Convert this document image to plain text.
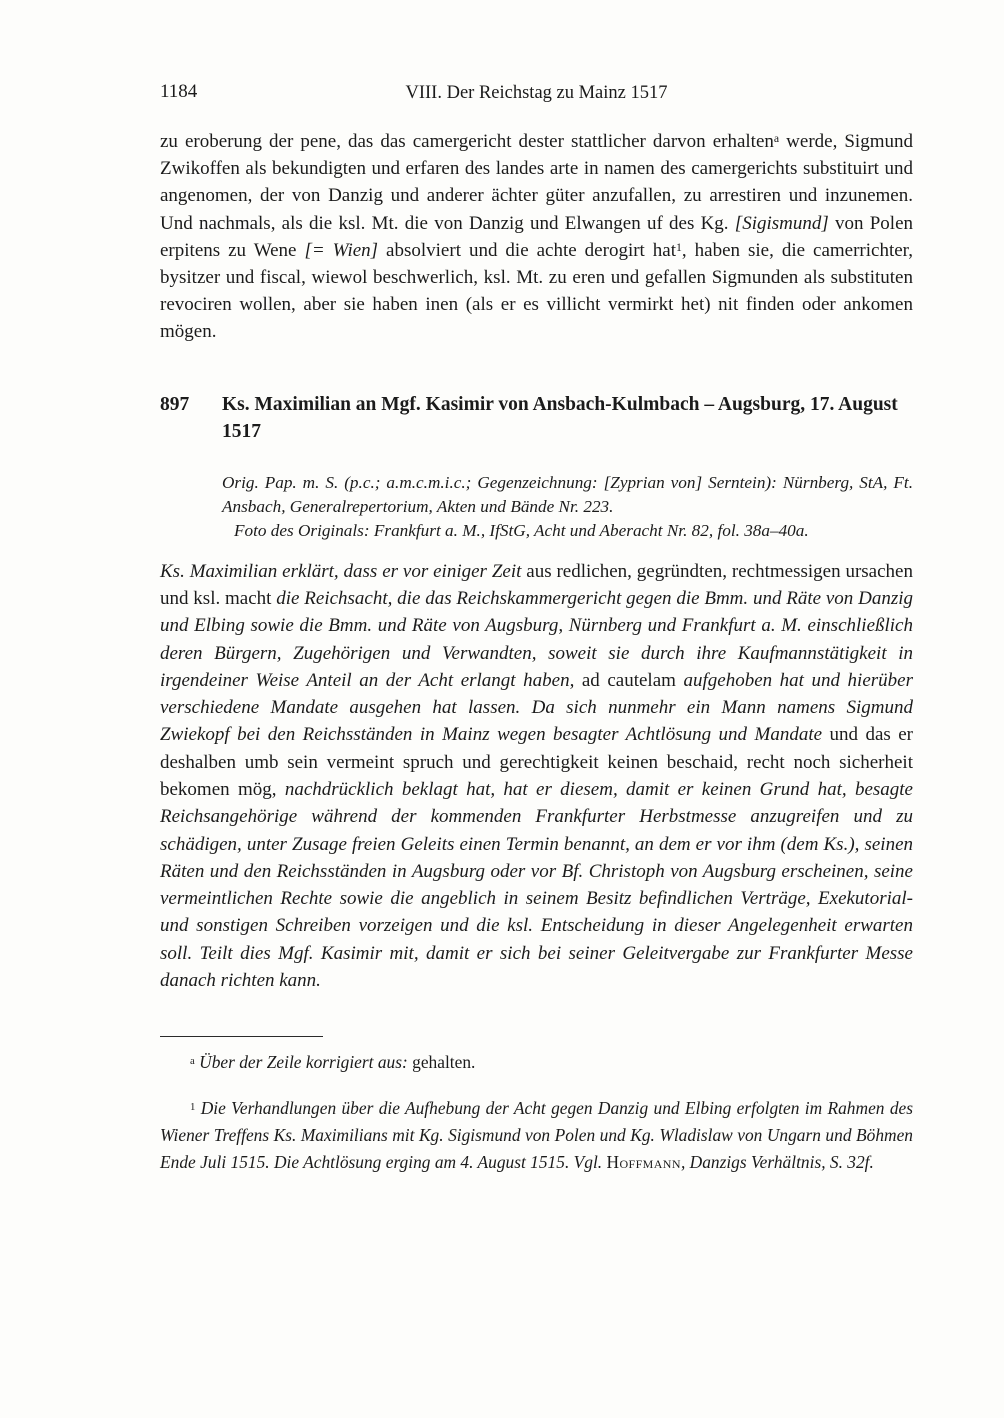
1184	VIII. Der Reichstag zu Mainz 1517

zu eroberung der pene, das das camergericht dester stattlicher darvon erhalten$^a$ werde, Sigmund Zwikoffen als bekundigten und erfaren des landes arte in namen des camergerichts substituirt und angenomen, der von Danzig und anderer ächter güter anzufallen, zu arrestiren und inzunemen. Und nachmals, als die ksl. Mt. die von Danzig und Elwangen uf des Kg. [Sigismund] von Polen erpitens zu Wene [= Wien] absolviert und die achte derogirt hat$^1$, haben sie, die camerrichter, bysitzer und fiscal, wiewol beschwerlich, ksl. Mt. zu eren und gefallen Sigmunden als substituten revociren wollen, aber sie haben inen (als er es villicht vermirkt het) nit finden oder ankomen mögen.

897	Ks. Maximilian an Mgf. Kasimir von Ansbach-Kulmbach – Augsburg, 17. August 1517

Orig. Pap. m. S. (p.c.; a.m.c.m.i.c.; Gegenzeichnung: [Zyprian von] Serntein): Nürnberg, StA, Ft. Ansbach, Generalrepertorium, Akten und Bände Nr. 223.

Foto des Originals: Frankfurt a. M., IfStG, Acht und Aberacht Nr. 82, fol. 38a–40a.

Ks. Maximilian erklärt, dass er vor einiger Zeit aus redlichen, gegründten, rechtmessigen ursachen und ksl. macht die Reichsacht, die das Reichskammergericht gegen die Bmm. und Räte von Danzig und Elbing sowie die Bmm. und Räte von Augsburg, Nürnberg und Frankfurt a. M. einschließlich deren Bürgern, Zugehörigen und Verwandten, soweit sie durch ihre Kaufmannstätigkeit in irgendeiner Weise Anteil an der Acht erlangt haben, ad cautelam aufgehoben hat und hierüber verschiedene Mandate ausgehen hat lassen. Da sich nunmehr ein Mann namens Sigmund Zwiekopf bei den Reichsständen in Mainz wegen besagter Achtlösung und Mandate und das er deshalben umb sein vermeint spruch und gerechtigkeit keinen beschaid, recht noch sicherheit bekomen mög, nachdrücklich beklagt hat, hat er diesem, damit er keinen Grund hat, besagte Reichsangehörige während der kommenden Frankfurter Herbstmesse anzugreifen und zu schädigen, unter Zusage freien Geleits einen Termin benannt, an dem er vor ihm (dem Ks.), seinen Räten und den Reichsständen in Augsburg oder vor Bf. Christoph von Augsburg erscheinen, seine vermeintlichen Rechte sowie die angeblich in seinem Besitz befindlichen Verträge, Exekutorial- und sonstigen Schreiben vorzeigen und die ksl. Entscheidung in dieser Angelegenheit erwarten soll. Teilt dies Mgf. Kasimir mit, damit er sich bei seiner Geleitvergabe zur Frankfurter Messe danach richten kann.

$^a$ Über der Zeile korrigiert aus: gehalten.

$^1$ Die Verhandlungen über die Aufhebung der Acht gegen Danzig und Elbing erfolgten im Rahmen des Wiener Treffens Ks. Maximilians mit Kg. Sigismund von Polen und Kg. Wladislaw von Ungarn und Böhmen Ende Juli 1515. Die Achtlösung erging am 4. August 1515. Vgl. Hoffmann, Danzigs Verhältnis, S. 32f.
